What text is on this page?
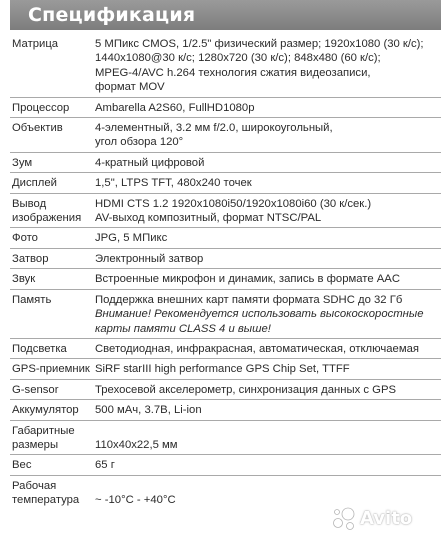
Спецификация
Матрица	5 МПикс CMOS, 1/2.5" физический размер; 1920х1080 (30 к/с);
1440x1080@30 к/с; 1280x720 (30 к/с); 848x480 (60 к/с);
MPEG-4/AVC h.264 технология сжатия видеозаписи,
формат MOV

Процессор	Ambarella A2S60, FullHD1080p

Объектив	4-элементный, 3.2 мм f/2.0, широкоугольный,
угол обзора 120°

Зум	4-кратный цифровой

Дисплей	1,5", LTPS TFT, 480x240 точек

Вывод
изображения	HDMI CTS 1.2 1920x1080i50/1920x1080i60 (30 к/сек.)
AV-выход композитный, формат NTSC/PAL

Фото	JPG, 5 МПикс

Затвор	Электронный затвор

Звук	Встроенные микрофон и динамик, запись в формате AAC

Память	Поддержка внешних карт памяти формата SDHC до 32 Гб
Внимание! Рекомендуется использовать высокоскоростные
карты памяти CLASS 4 и выше!

Подсветка	Светодиодная, инфракрасная, автоматическая, отключаемая

GPS-приемник	SiRF starIII high performance GPS Chip Set, TTFF

G-sensor	Трехосевой акселерометр, синхронизация данных с GPS

Аккумулятор	500 мАч, 3.7В, Li-ion

Габаритные
размеры	110x40x22,5 мм

Вес	65 г

Рабочая
температура	~ -10°C - +40°C
Avito
